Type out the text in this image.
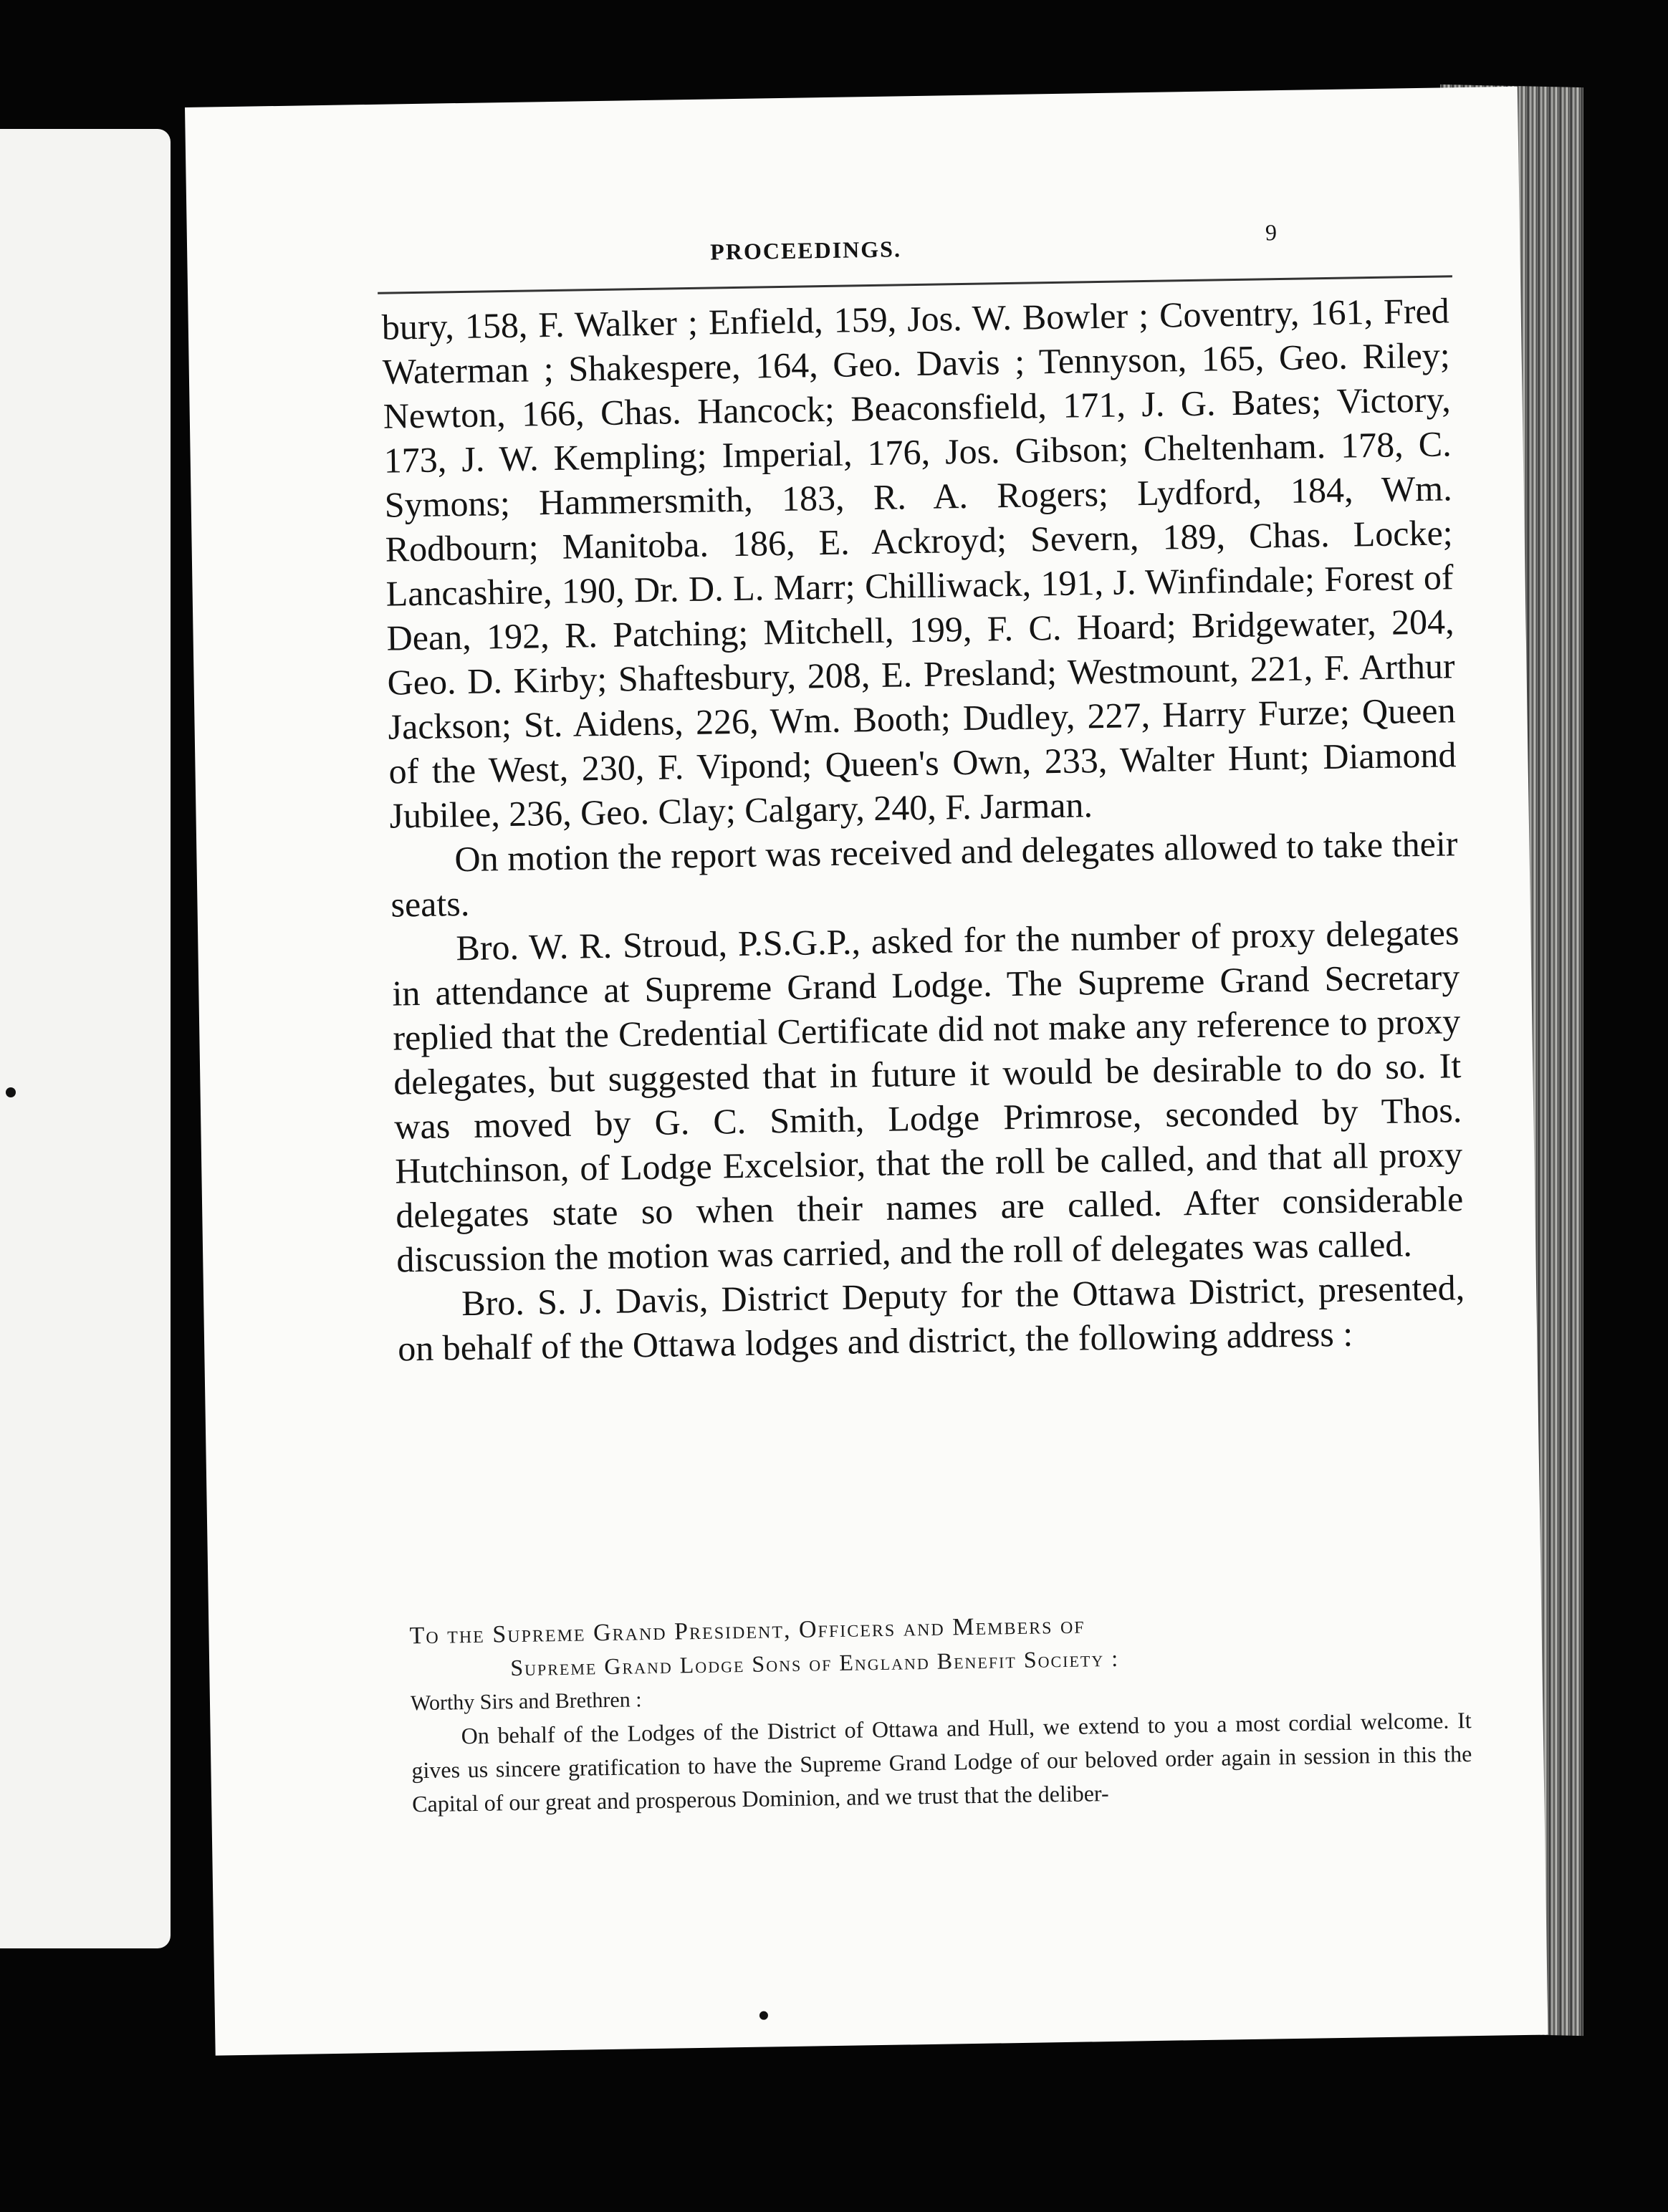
PROCEEDINGS.
9

bury, 158, F. Walker ; Enfield, 159, Jos. W. Bowler ; Coventry, 161, Fred Waterman ; Shakespere, 164, Geo. Davis ; Tennyson, 165, Geo. Riley; Newton, 166, Chas. Hancock; Beaconsfield, 171, J. G. Bates; Victory, 173, J. W. Kempling; Imperial, 176, Jos. Gibson; Cheltenham. 178, C. Symons; Hammersmith, 183, R. A. Rogers; Lydford, 184, Wm. Rodbourn; Manitoba. 186, E. Ackroyd; Severn, 189, Chas. Locke; Lancashire, 190, Dr. D. L. Marr; Chilliwack, 191, J. Winfindale; Forest of Dean, 192, R. Patching; Mitchell, 199, F. C. Hoard; Bridgewater, 204, Geo. D. Kirby; Shaftesbury, 208, E. Presland; Westmount, 221, F. Arthur Jackson; St. Aidens, 226, Wm. Booth; Dudley, 227, Harry Furze; Queen of the West, 230, F. Vipond; Queen's Own, 233, Walter Hunt; Diamond Jubilee, 236, Geo. Clay; Calgary, 240, F. Jarman.

On motion the report was received and delegates allowed to take their seats.

Bro. W. R. Stroud, P.S.G.P., asked for the number of proxy delegates in attendance at Supreme Grand Lodge. The Supreme Grand Secretary replied that the Credential Certificate did not make any reference to proxy delegates, but suggested that in future it would be desirable to do so. It was moved by G. C. Smith, Lodge Primrose, seconded by Thos. Hutchinson, of Lodge Excelsior, that the roll be called, and that all proxy delegates state so when their names are called. After considerable discussion the motion was carried, and the roll of delegates was called.

Bro. S. J. Davis, District Deputy for the Ottawa District, presented, on behalf of the Ottawa lodges and district, the following address :

To the Supreme Grand President, Officers and Members of

Supreme Grand Lodge Sons of England Benefit Society :

Worthy Sirs and Brethren :

On behalf of the Lodges of the District of Ottawa and Hull, we extend to you a most cordial welcome. It gives us sincere gratification to have the Supreme Grand Lodge of our beloved order again in session in this the Capital of our great and prosperous Dominion, and we trust that the deliber-
